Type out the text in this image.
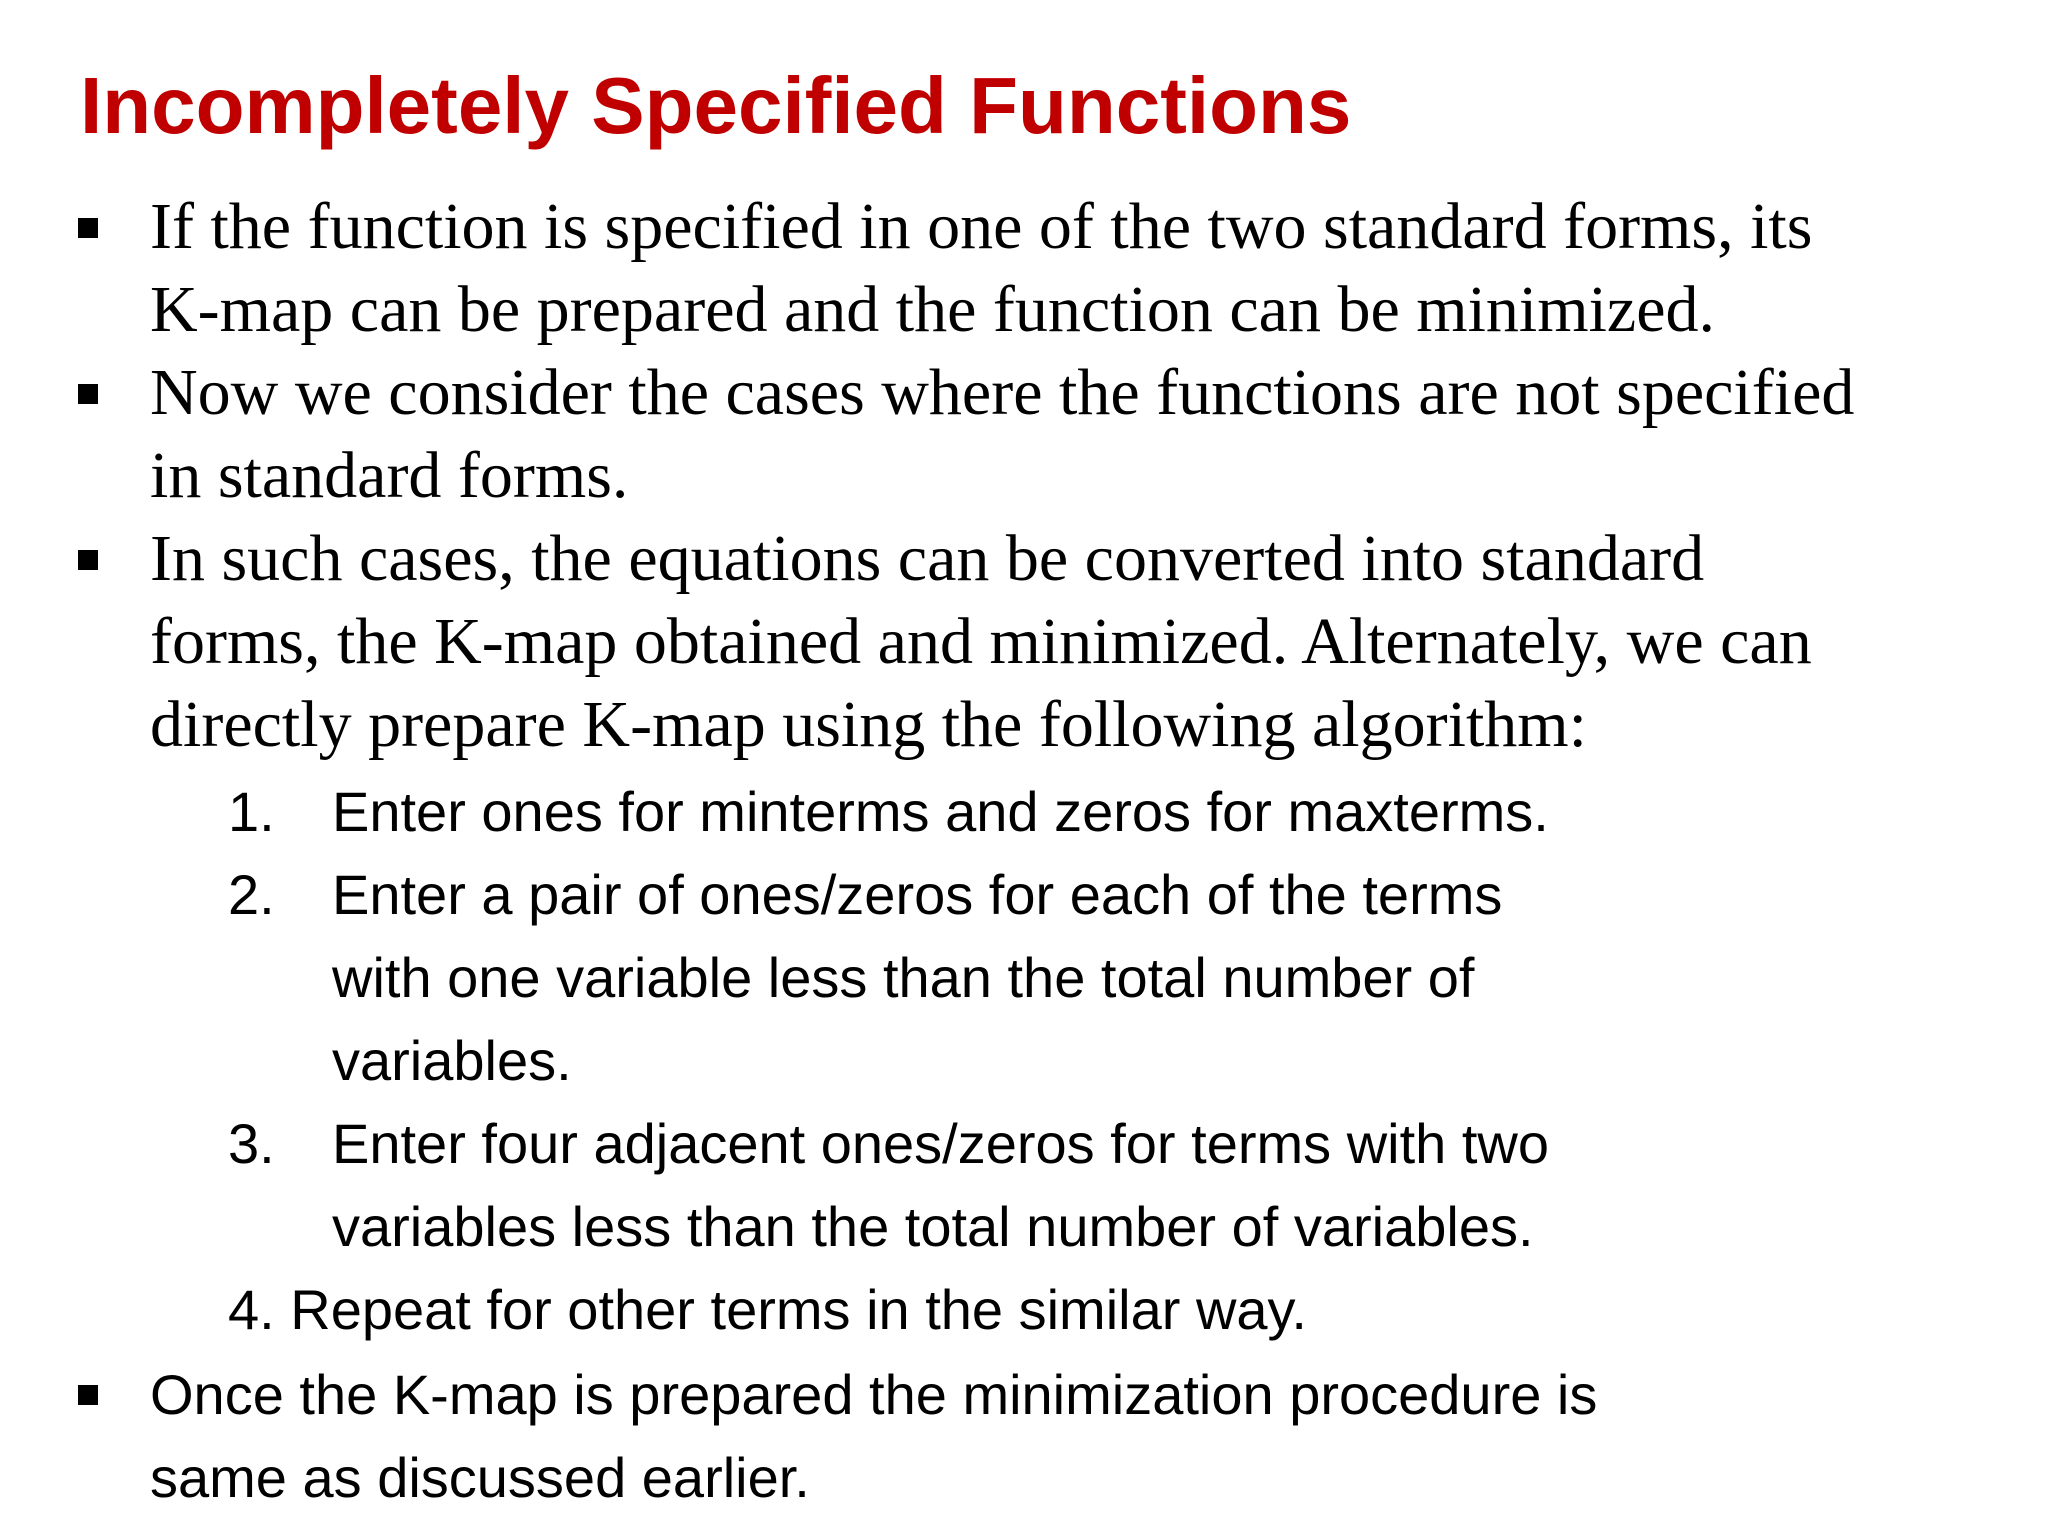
Incompletely Specified Functions

If the function is specified in one of the two standard forms, its

K-map can be prepared and the function can be minimized.

Now we consider the cases where the functions are not specified

in standard forms.

In such cases, the equations can be converted into standard

forms, the K-map obtained and minimized. Alternately, we can

directly prepare K-map using the following algorithm:

1. Enter ones for minterms and zeros for maxterms.

2. Enter a pair of ones/zeros for each of the terms

with one variable less than the total number of

variables.

3. Enter four adjacent ones/zeros for terms with two

variables less than the total number of variables.

4. Repeat for other terms in the similar way.

Once the K-map is prepared the minimization procedure is

same as discussed earlier.
